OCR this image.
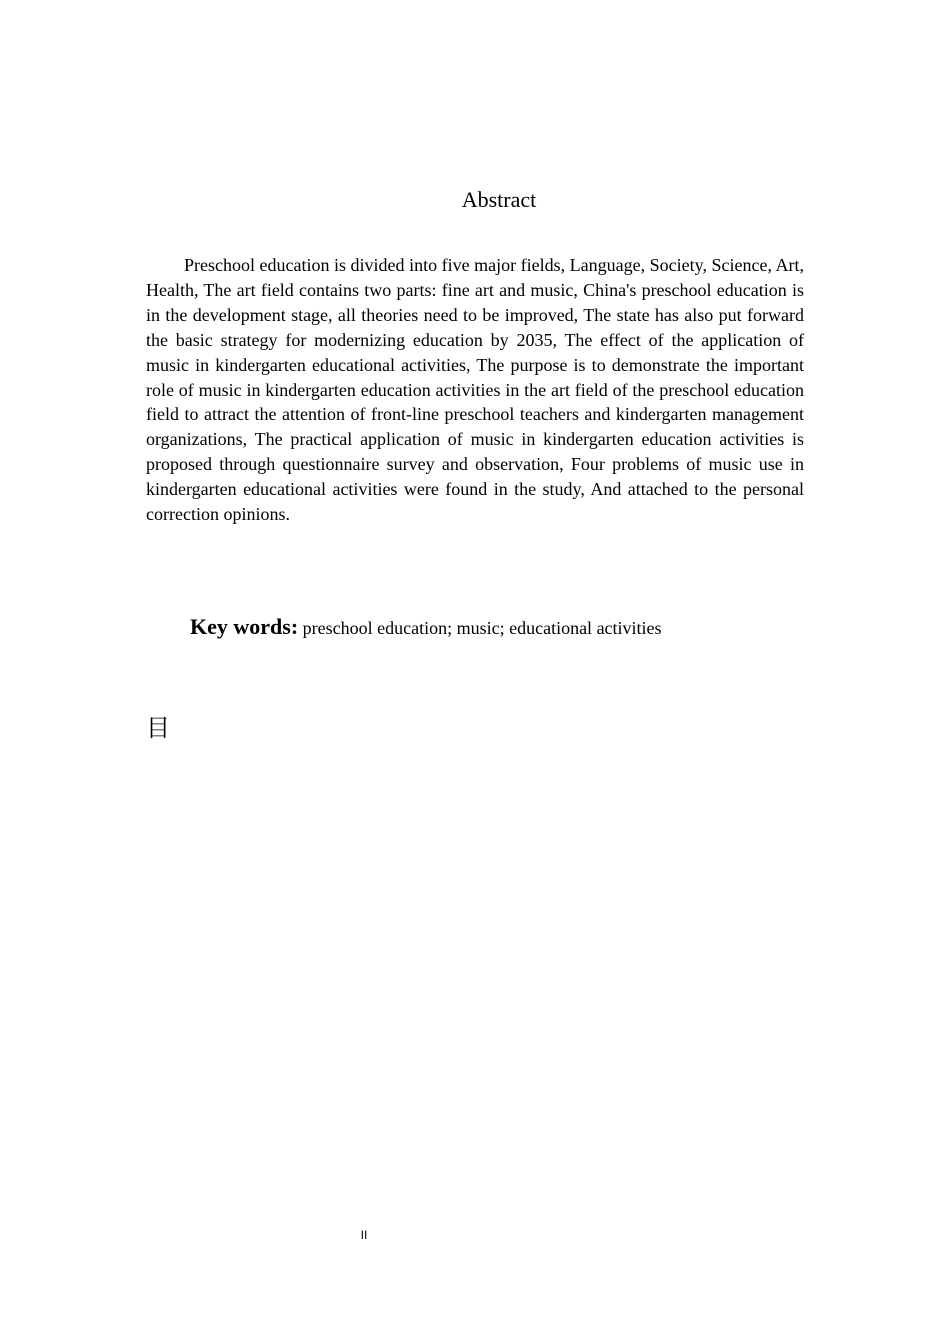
Abstract

Preschool education is divided into five major fields, Language, Society, Science, Art, Health, The art field contains two parts: fine art and music, China's preschool education is in the development stage, all theories need to be improved, The state has also put forward the basic strategy for modernizing education by 2035, The effect of the application of music in kindergarten educational activities, The purpose is to demonstrate the important role of music in kindergarten education activities in the art field of the preschool education field to attract the attention of front-line preschool teachers and kindergarten management organizations, The practical application of music in kindergarten education activities is proposed through questionnaire survey and observation, Four problems of music use in kindergarten educational activities were found in the study, And attached to the personal correction opinions.

Key words: preschool education; music; educational activities

目

II
